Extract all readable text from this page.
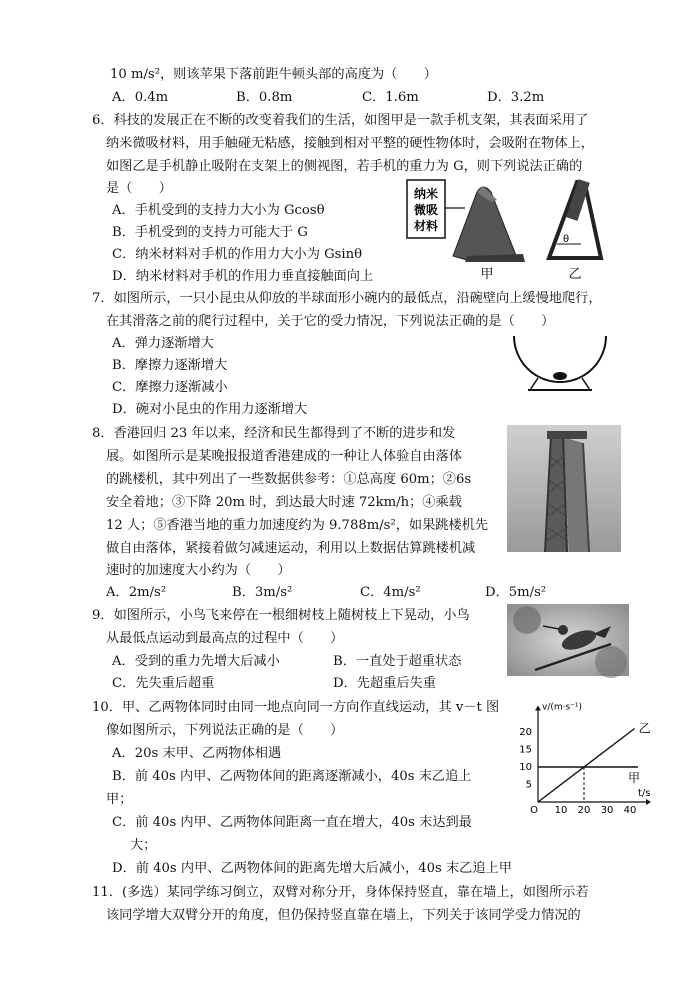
10 m/s²，则该苹果下落前距牛顿头部的高度为（　　）
A．0.4m	B．0.8m	C．1.6m	D．3.2m
6．科技的发展正在不断的改变着我们的生活，如图甲是一款手机支架，其表面采用了
纳米微吸材料，用手触碰无粘感，接触到相对平整的硬性物体时，会吸附在物体上，
如图乙是手机静止吸附在支架上的侧视图，若手机的重力为 G，则下列说法正确的
是（　　）
A．手机受到的支持力大小为 Gcosθ
B．手机受到的支持力可能大于 G
C．纳米材料对手机的作用力大小为 Gsinθ
D．纳米材料对手机的作用力垂直接触面向上
纳米
微吸
材料
甲
θ
乙
7．如图所示，一只小昆虫从仰放的半球面形小碗内的最低点，沿碗壁向上缓慢地爬行，
在其滑落之前的爬行过程中，关于它的受力情况，下列说法正确的是（　　）
A．弹力逐渐增大
B．摩擦力逐渐增大
C．摩擦力逐渐减小
D．碗对小昆虫的作用力逐渐增大
8．香港回归 23 年以来，经济和民生都得到了不断的进步和发
展。如图所示是某晚报报道香港建成的一种让人体验自由落体
的跳楼机，其中列出了一些数据供参考：①总高度 60m；②6s
安全着地；③下降 20m 时，到达最大时速 72km/h；④乘载
12 人；⑤香港当地的重力加速度约为 9.788m/s²，如果跳楼机先
做自由落体，紧接着做匀减速运动，利用以上数据估算跳楼机减
速时的加速度大小约为（　　）
A．2m/s²	B．3m/s²	C．4m/s²	D．5m/s²
9．如图所示，小鸟飞来停在一根细树枝上随树枝上下晃动，小鸟
从最低点运动到最高点的过程中（　　）
A．受到的重力先增大后减小	B．一直处于超重状态
C．先失重后超重	D．先超重后失重
10．甲、乙两物体同时由同一地点向同一方向作直线运动，其 v－t 图
像如图所示，下列说法正确的是（　　）
A．20s 末甲、乙两物体相遇
B．前 40s 内甲、乙两物体间的距离逐渐减小，40s 末乙追上
甲；
C．前 40s 内甲、乙两物体间距离一直在增大，40s 末达到最
大；
D．前 40s 内甲、乙两物体间的距离先增大后减小，40s 末乙追上甲
v/(m·s⁻¹)
t/s
O 10 20 30 40
5
10
15
20
甲
乙
11．(多选）某同学练习倒立，双臂对称分开，身体保持竖直，靠在墙上，如图所示若
该同学增大双臂分开的角度，但仍保持竖直靠在墙上，下列关于该同学受力情况的
